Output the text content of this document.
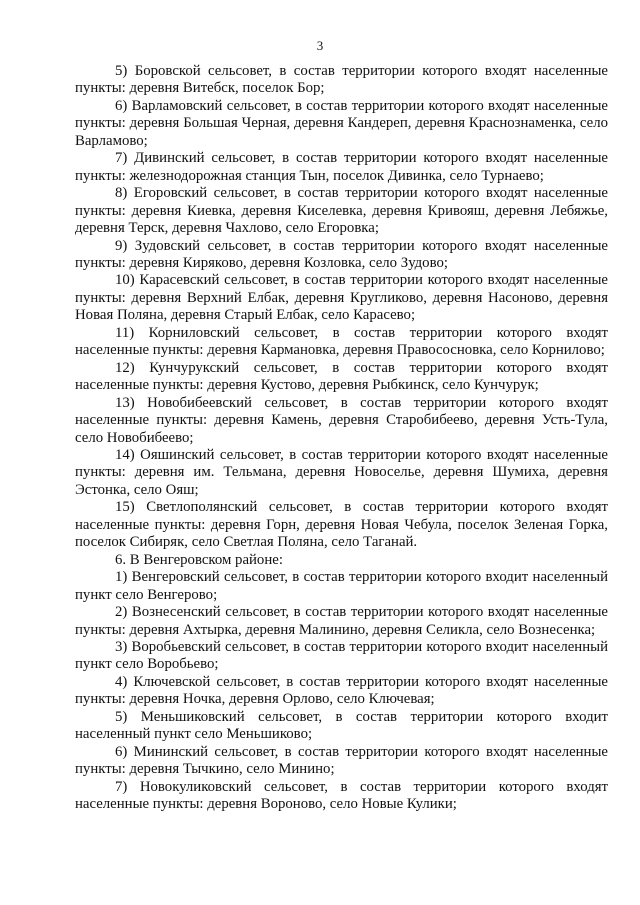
3

5) Боровской сельсовет, в состав территории которого входят населенные пункты: деревня Витебск, поселок Бор;

6) Варламовский сельсовет, в состав территории которого входят населенные пункты: деревня Большая Черная, деревня Кандереп, деревня Краснознаменка, село Варламово;

7) Дивинский сельсовет, в состав территории которого входят населенные пункты: железнодорожная станция Тын, поселок Дивинка, село Турнаево;

8) Егоровский сельсовет, в состав территории которого входят населенные пункты: деревня Киевка, деревня Киселевка, деревня Кривояш, деревня Лебяжье, деревня Терск, деревня Чахлово, село Егоровка;

9) Зудовский сельсовет, в состав территории которого входят населенные пункты: деревня Киряково, деревня Козловка, село Зудово;

10) Карасевский сельсовет, в состав территории которого входят населенные пункты: деревня Верхний Елбак, деревня Кругликово, деревня Насоново, деревня Новая Поляна, деревня Старый Елбак, село Карасево;

11) Корниловский сельсовет, в состав территории которого входят населенные пункты: деревня Кармановка, деревня Правососновка, село Корнилово;

12) Кунчурукский сельсовет, в состав территории которого входят населенные пункты: деревня Кустово, деревня Рыбкинск, село Кунчурук;

13) Новобибеевский сельсовет, в состав территории которого входят населенные пункты: деревня Камень, деревня Старобибеево, деревня Усть-Тула, село Новобибеево;

14) Ояшинский сельсовет, в состав территории которого входят населенные пункты: деревня им. Тельмана, деревня Новоселье, деревня Шумиха, деревня Эстонка, село Ояш;

15) Светлополянский сельсовет, в состав территории которого входят населенные пункты: деревня Горн, деревня Новая Чебула, поселок Зеленая Горка, поселок Сибиряк, село Светлая Поляна, село Таганай.

6. В Венгеровском районе:

1) Венгеровский сельсовет, в состав территории которого входит населенный пункт село Венгерово;

2) Вознесенский сельсовет, в состав территории которого входят населенные пункты: деревня Ахтырка, деревня Малинино, деревня Селикла, село Вознесенка;

3) Воробьевский сельсовет, в состав территории которого входит населенный пункт село Воробьево;

4) Ключевской сельсовет, в состав территории которого входят населенные пункты: деревня Ночка, деревня Орлово, село Ключевая;

5) Меньшиковский сельсовет, в состав территории которого входит населенный пункт село Меньшиково;

6) Мининский сельсовет, в состав территории которого входят населенные пункты: деревня Тычкино, село Минино;

7) Новокуликовский сельсовет, в состав территории которого входят населенные пункты: деревня Вороново, село Новые Кулики;
